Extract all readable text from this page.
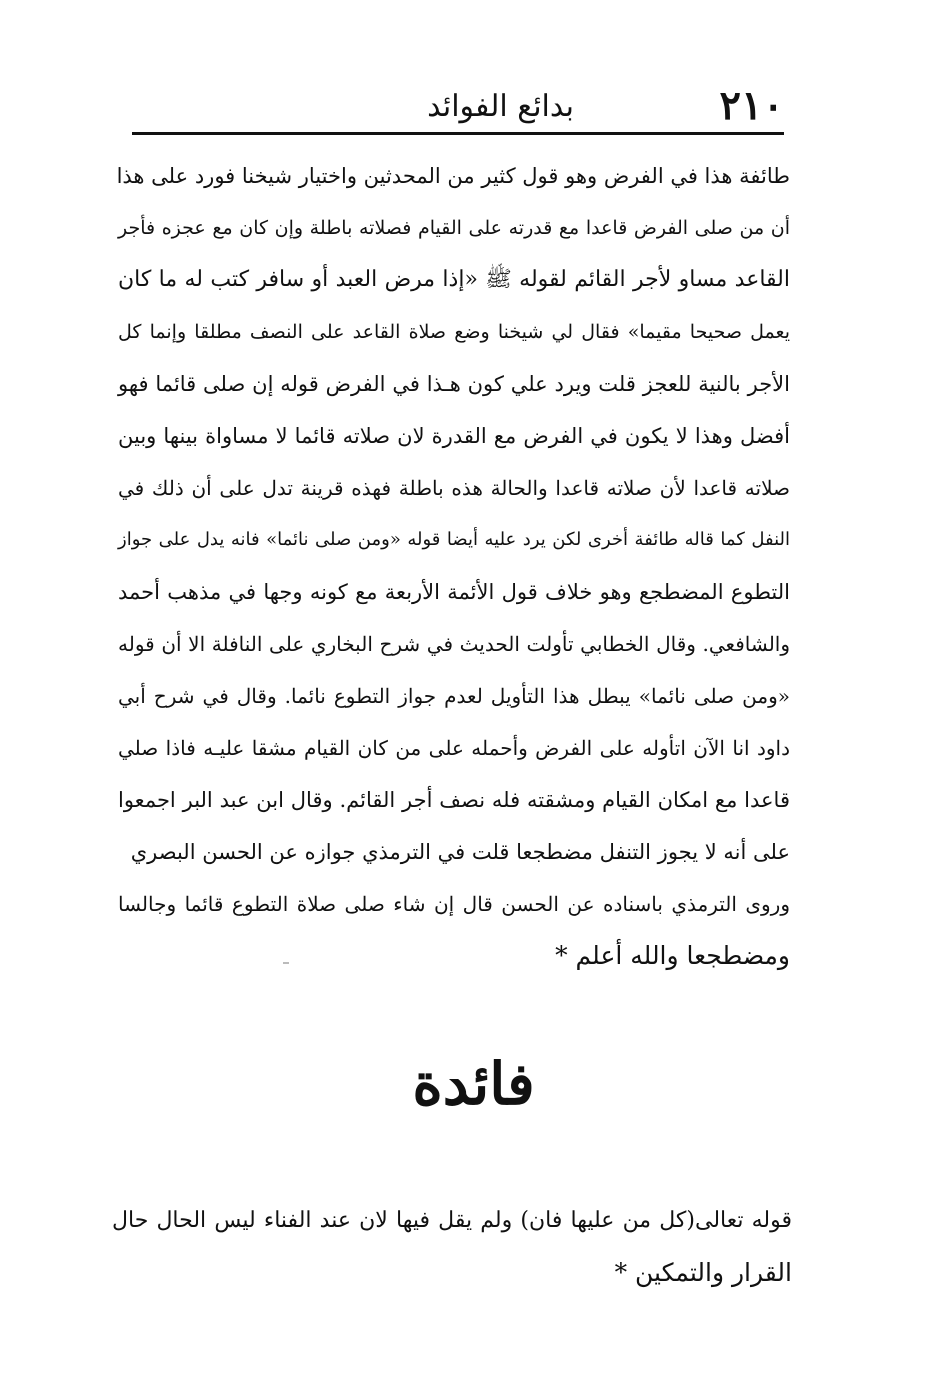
٢١٠
بدائع الفوائد
طائفة هذا في الفرض وهو قول كثير من المحدثين واختيار شيخنا فورد على هذا
أن من صلى الفرض قاعدا مع قدرته على القيام فصلاته باطلة وإن كان مع عجزه فأجر
القاعد مساو لأجر القائم لقوله ﷺ «إذا مرض العبد أو سافر كتب له ما كان
يعمل صحيحا مقيما» فقال لي شيخنا وضع صلاة القاعد على النصف مطلقا وإنما كل
الأجر بالنية للعجز قلت ويرد علي كون هـذا في الفرض قوله إن صلى قائما فهو
أفضل وهذا لا يكون في الفرض مع القدرة لان صلاته قائما لا مساواة بينها وبين
صلاته قاعدا لأن صلاته قاعدا والحالة هذه باطلة فهذه قرينة تدل على أن ذلك في
النفل كما قاله طائفة أخرى لكن يرد عليه أيضا قوله «ومن صلى نائما» فانه يدل على جواز
التطوع المضطجع وهو خلاف قول الأئمة الأربعة مع كونه وجها في مذهب أحمد
والشافعي. وقال الخطابي تأولت الحديث في شرح البخاري على النافلة الا أن قوله
«ومن صلى نائما» يبطل هذا التأويل لعدم جواز التطوع نائما. وقال في شرح أبي
داود انا الآن اتأوله على الفرض وأحمله على من كان القيام مشقا عليـه فاذا صلي
قاعدا مع امكان القيام ومشقته فله نصف أجر القائم. وقال ابن عبد البر اجمعوا
على أنه لا يجوز التنفل مضطجعا قلت في الترمذي جوازه عن الحسن البصري
وروى الترمذي باسناده عن الحسن قال إن شاء صلى صلاة التطوع قائما وجالسا
ومضطجعا والله أعلم *
فائدة
قوله تعالى(كل من عليها فان) ولم يقل فيها لان عند الفناء ليس الحال حال
القرار والتمكين *
